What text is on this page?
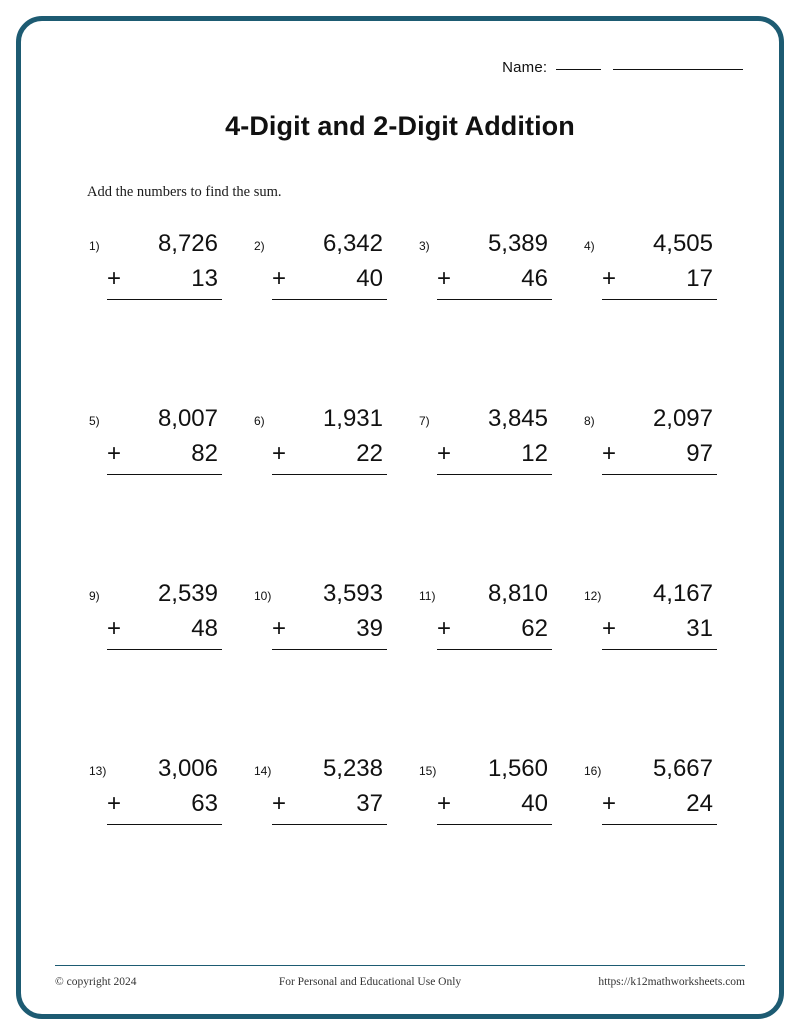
Name:
4-Digit and 2-Digit Addition
Add the numbers to find the sum.
1)	8,726
+	13
2)	6,342
+	40
3)	5,389
+	46
4)	4,505
+	17
5)	8,007
+	82
6)	1,931
+	22
7)	3,845
+	12
8)	2,097
+	97
9)	2,539
+	48
10)	3,593
+	39
11)	8,810
+	62
12)	4,167
+	31
13)	3,006
+	63
14)	5,238
+	37
15)	1,560
+	40
16)	5,667
+	24
© copyright 2024	For Personal and Educational Use Only	https://k12mathworksheets.com
